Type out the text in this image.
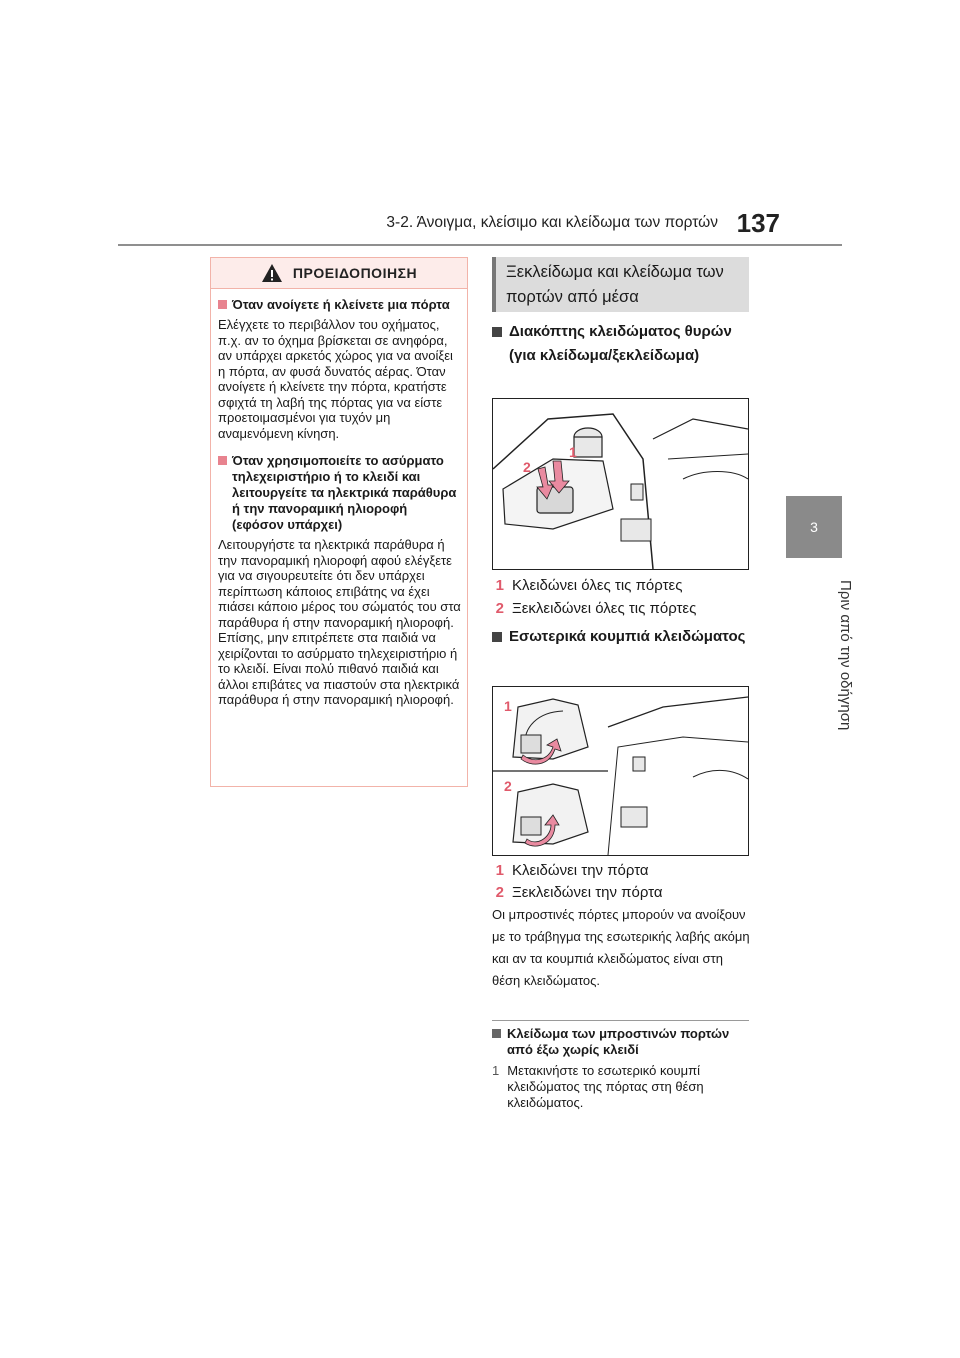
3-2. Άνοιγμα, κλείσιμο και κλείδωμα των πορτών 137
3
Πριν από την οδήγηση
ΠΡΟΕΙΔΟΠΟΙΗΣΗ
Όταν ανοίγετε ή κλείνετε μια πόρτα
Ελέγχετε το περιβάλλον του οχήματος, π.χ. αν το όχημα βρίσκεται σε ανηφόρα, αν υπάρχει αρκετός χώρος για να ανοίξει η πόρτα, αν φυσά δυνατός αέρας. Όταν ανοίγετε ή κλείνετε την πόρτα, κρατήστε σφιχτά τη λαβή της πόρτας για να είστε προετοιμασμένοι για τυχόν μη αναμενόμενη κίνηση.
Όταν χρησιμοποιείτε το ασύρματο τηλεχειριστήριο ή το κλειδί και λειτουργείτε τα ηλεκτρικά παράθυρα ή την πανοραμική ηλιοροφή (εφόσον υπάρχει)
Λειτουργήστε τα ηλεκτρικά παράθυρα ή την πανοραμική ηλιοροφή αφού ελέγξετε για να σιγουρευτείτε ότι δεν υπάρχει περίπτωση κάποιος επιβάτης να έχει πιάσει κάποιο μέρος του σώματός του στα παράθυρα ή στην πανοραμική ηλιοροφή. Επίσης, μην επιτρέπετε στα παιδιά να χειρίζονται το ασύρματο τηλεχειριστήριο ή το κλειδί. Είναι πολύ πιθανό παιδιά και άλλοι επιβάτες να πιαστούν στα ηλεκτρικά παράθυρα ή στην πανοραμική ηλιοροφή.
Ξεκλείδωμα και κλείδωμα των πορτών από μέσα
Διακόπτης κλειδώματος θυρών (για κλείδωμα/ξεκλείδωμα)
2
1
1 Κλειδώνει όλες τις πόρτες
2 Ξεκλειδώνει όλες τις πόρτες
Εσωτερικά κουμπιά κλειδώματος
1
2
1 Κλειδώνει την πόρτα
2 Ξεκλειδώνει την πόρτα
Οι μπροστινές πόρτες μπορούν να ανοίξουν με το τράβηγμα της εσωτερικής λαβής ακόμη και αν τα κουμπιά κλειδώματος είναι στη θέση κλειδώματος.
Κλείδωμα των μπροστινών πορτών από έξω χωρίς κλειδί
1 Μετακινήστε το εσωτερικό κουμπί κλειδώματος της πόρτας στη θέση κλειδώματος.
